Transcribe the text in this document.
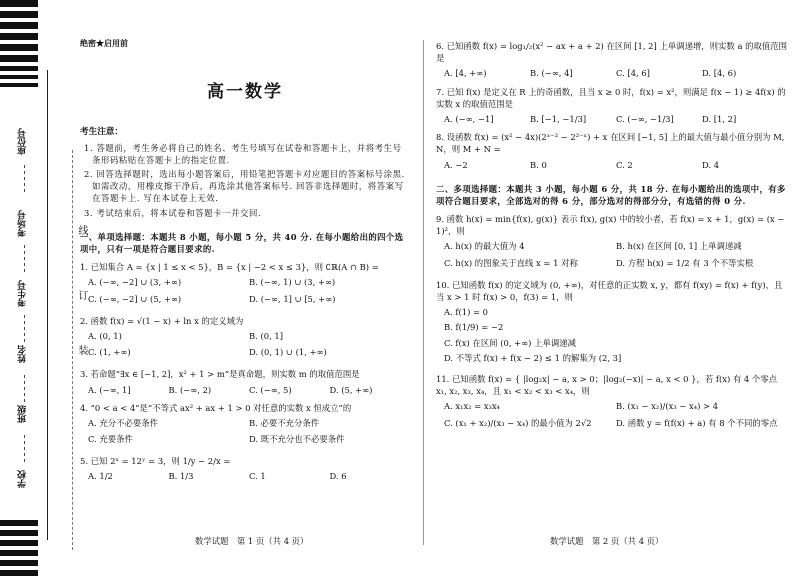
座位号
考场号
考生号
姓名
班级
学校
线
订
装
绝密★启用前
高一数学
考生注意：

1. 答题前，考生务必将自己的姓名、考生号填写在试卷和答题卡上，并将考生号条形码粘贴在答题卡上的指定位置.

2. 回答选择题时，选出每小题答案后，用铅笔把答题卡对应题目的答案标号涂黑. 如需改动，用橡皮擦干净后，再选涂其他答案标号. 回答非选择题时，将答案写在答题卡上. 写在本试卷上无效.

3. 考试结束后，将本试卷和答题卡一并交回.

一、单项选择题：本题共 8 小题，每小题 5 分，共 40 分. 在每小题给出的四个选项中，只有一项是符合题目要求的.
1. 已知集合 A = {x | 1 ≤ x < 5}，B = {x | −2 < x ≤ 3}，则 ∁ℝ(A ∩ B) =
A. (−∞, −2] ∪ (3, +∞)	B. (−∞, 1) ∪ (3, +∞)
C. (−∞, −2] ∪ (5, +∞)	D. (−∞, 1] ∪ [5, +∞)
2. 函数 f(x) = √(1 − x) + ln x 的定义域为
A. (0, 1)	B. (0, 1]
C. (1, +∞)	D. (0, 1) ∪ (1, +∞)
3. 若命题“∃x ∈ [−1, 2]，x² + 1 > m”是真命题，则实数 m 的取值范围是
A. (−∞, 1]	B. (−∞, 2)	C. (−∞, 5)	D. (5, +∞)
4. “0 < a < 4”是“不等式 ax² + ax + 1 > 0 对任意的实数 x 恒成立”的
A. 充分不必要条件	B. 必要不充分条件
C. 充要条件	D. 既不充分也不必要条件
5. 已知 2ˣ = 12ʸ = 3，则 1/y − 2/x =
A. 1/2	B. 1/3	C. 1	D. 6
6. 已知函数 f(x) = log₁/₂(x² − ax + a + 2) 在区间 [1, 2] 上单调递增，则实数 a 的取值范围是
A. [4, +∞)	B. (−∞, 4]	C. [4, 6]	D. [4, 6)
7. 已知 f(x) 是定义在 R 上的奇函数，且当 x ≥ 0 时，f(x) = x²，则满足 f(x − 1) ≥ 4f(x) 的实数 x 的取值范围是
A. (−∞, −1]	B. [−1, −1/3]	C. (−∞, −1/3]	D. [1, 2]
8. 设函数 f(x) = (x² − 4x)(2ˣ⁻² − 2²⁻ˣ) + x 在区间 [−1, 5] 上的最大值与最小值分别为 M, N，则 M + N =
A. −2	B. 0	C. 2	D. 4
二、多项选择题：本题共 3 小题，每小题 6 分，共 18 分. 在每小题给出的选项中，有多项符合题目要求，全部选对的得 6 分，部分选对的得部分分，有选错的得 0 分.
9. 函数 h(x) = min{f(x), g(x)} 表示 f(x), g(x) 中的较小者，若 f(x) = x + 1，g(x) = (x − 1)²，则
A. h(x) 的最大值为 4	B. h(x) 在区间 [0, 1] 上单调递减
C. h(x) 的图象关于直线 x = 1 对称	D. 方程 h(x) = 1/2 有 3 个不等实根
10. 已知函数 f(x) 的定义域为 (0, +∞)，对任意的正实数 x, y，都有 f(xy) = f(x) + f(y)，且当 x > 1 时 f(x) > 0，f(3) = 1，则
A. f(1) = 0
B. f(1/9) = −2
C. f(x) 在区间 (0, +∞) 上单调递减
D. 不等式 f(x) + f(x − 2) ≤ 1 的解集为 (2, 3]
11. 已知函数 f(x) = { |log₂x| − a, x > 0；|log₂(−x)| − a, x < 0 }，若 f(x) 有 4 个零点 x₁, x₂, x₃, x₄，且 x₁ < x₂ < x₃ < x₄，则
A. x₁x₂ = x₃x₄	B. (x₁ − x₂)/(x₃ − x₄) > 4
C. (x₁ + x₂)/(x₃ − x₄) 的最小值为 2√2	D. 函数 y = f(f(x) + a) 有 8 个不同的零点
数学试题　第 1 页（共 4 页）	数学试题　第 2 页（共 4 页）
